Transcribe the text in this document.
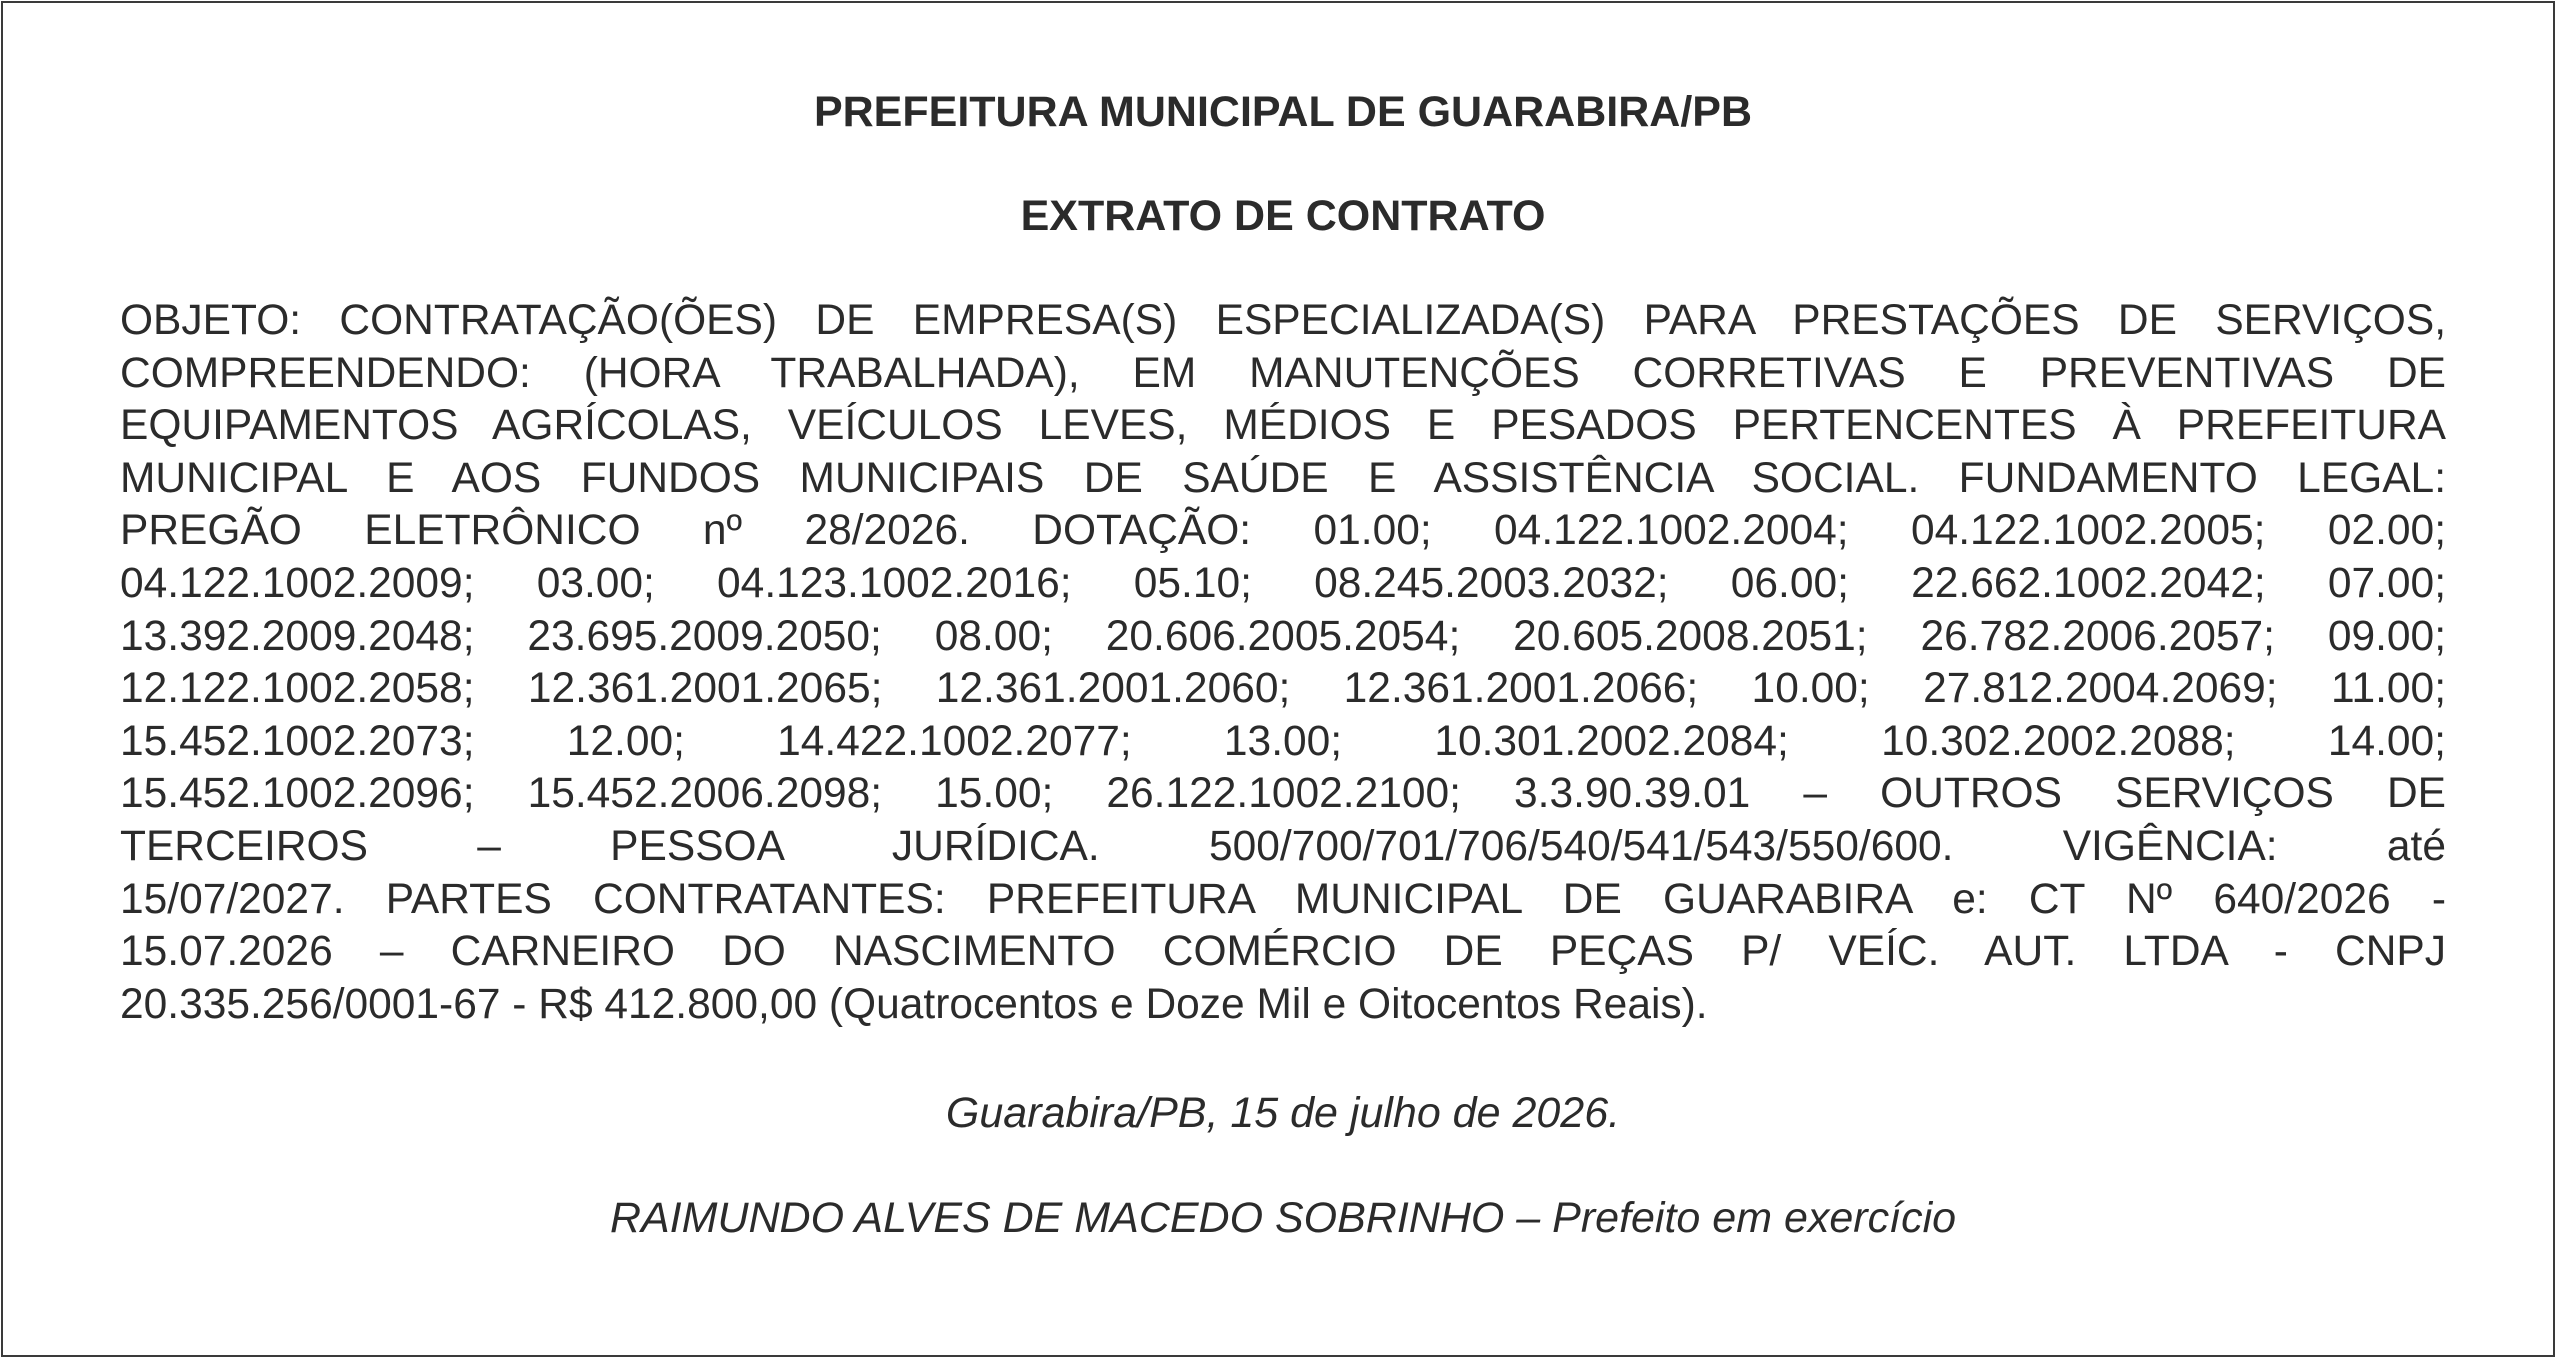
PREFEITURA MUNICIPAL DE GUARABIRA/PB
EXTRATO DE CONTRATO
OBJETO: CONTRATAÇÃO(ÕES) DE EMPRESA(S) ESPECIALIZADA(S) PARA PRESTAÇÕES DE SERVIÇOS,
COMPREENDENDO: (HORA TRABALHADA), EM MANUTENÇÕES CORRETIVAS E PREVENTIVAS DE
EQUIPAMENTOS AGRÍCOLAS, VEÍCULOS LEVES, MÉDIOS E PESADOS PERTENCENTES À PREFEITURA
MUNICIPAL E AOS FUNDOS MUNICIPAIS DE SAÚDE E ASSISTÊNCIA SOCIAL. FUNDAMENTO LEGAL:
PREGÃO ELETRÔNICO nº 28/2026. DOTAÇÃO: 01.00; 04.122.1002.2004; 04.122.1002.2005; 02.00;
04.122.1002.2009; 03.00; 04.123.1002.2016; 05.10; 08.245.2003.2032; 06.00; 22.662.1002.2042; 07.00;
13.392.2009.2048; 23.695.2009.2050; 08.00; 20.606.2005.2054; 20.605.2008.2051; 26.782.2006.2057; 09.00;
12.122.1002.2058; 12.361.2001.2065; 12.361.2001.2060; 12.361.2001.2066; 10.00; 27.812.2004.2069; 11.00;
15.452.1002.2073; 12.00; 14.422.1002.2077; 13.00; 10.301.2002.2084; 10.302.2002.2088; 14.00;
15.452.1002.2096; 15.452.2006.2098; 15.00; 26.122.1002.2100; 3.3.90.39.01 – OUTROS SERVIÇOS DE
TERCEIROS – PESSOA JURÍDICA. 500/700/701/706/540/541/543/550/600. VIGÊNCIA: até
15/07/2027. PARTES CONTRATANTES: PREFEITURA MUNICIPAL DE GUARABIRA e: CT Nº 640/2026 -
15.07.2026 – CARNEIRO DO NASCIMENTO COMÉRCIO DE PEÇAS P/ VEÍC. AUT. LTDA - CNPJ
20.335.256/0001-67 - R$ 412.800,00 (Quatrocentos e Doze Mil e Oitocentos Reais).
Guarabira/PB, 15 de julho de 2026.
RAIMUNDO ALVES DE MACEDO SOBRINHO – Prefeito em exercício
